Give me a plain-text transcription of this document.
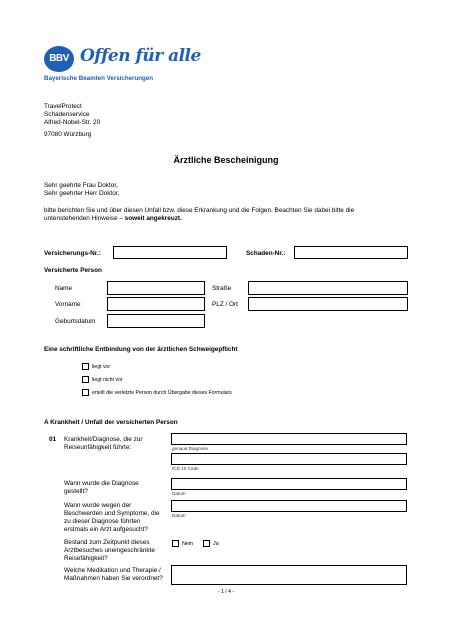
BBV Offen für alle
Bayerische Beamten Versicherungen
TravelProtect
Schadenservice
Alfred-Nobel-Str. 20
97080 Würzburg
Ärztliche Bescheinigung
Sehr geehrte Frau Doktor,
Sehr geehrter Herr Doktor,
bitte berichten Sie und über diesen Unfall bzw. diese Erkrankung und die Folgen. Beachten Sie dabei bitte die
untenstehenden Hinweise – soweit angekreuzt.
Versicherungs-Nr.:	Schaden-Nr.:
Versicherte Person
Name	Straße
Vorname	PLZ / Ort
Geburtsdatum
Eine schriftliche Entbindung von der ärztlichen Schweigepflicht
liegt vor
liegt nicht vor
erteilt die verletzte Person durch Übergabe dieses Formulars
A Krankheit / Unfall der versicherten Person
01 Krankheit/Diagnose, die zur
Reiseunfähigkeit führte:	genaue Diagnose
ICD 10 Code
Wann wurde die Diagnose
gestellt?	Datum
Wann wurde wegen der
Beschwerden und Symptome, die
zu dieser Diagnose führten
erstmals ein Arzt aufgesucht?
Datum
Bestand zum Zeitpunkt dieses
Arztbesuches uneingeschränkte
Reisefähigkeit?
Nein	Ja
Welche Medikation und Therapie /
Maßnahmen haben Sie verordnet?
- 1 / 4 -
